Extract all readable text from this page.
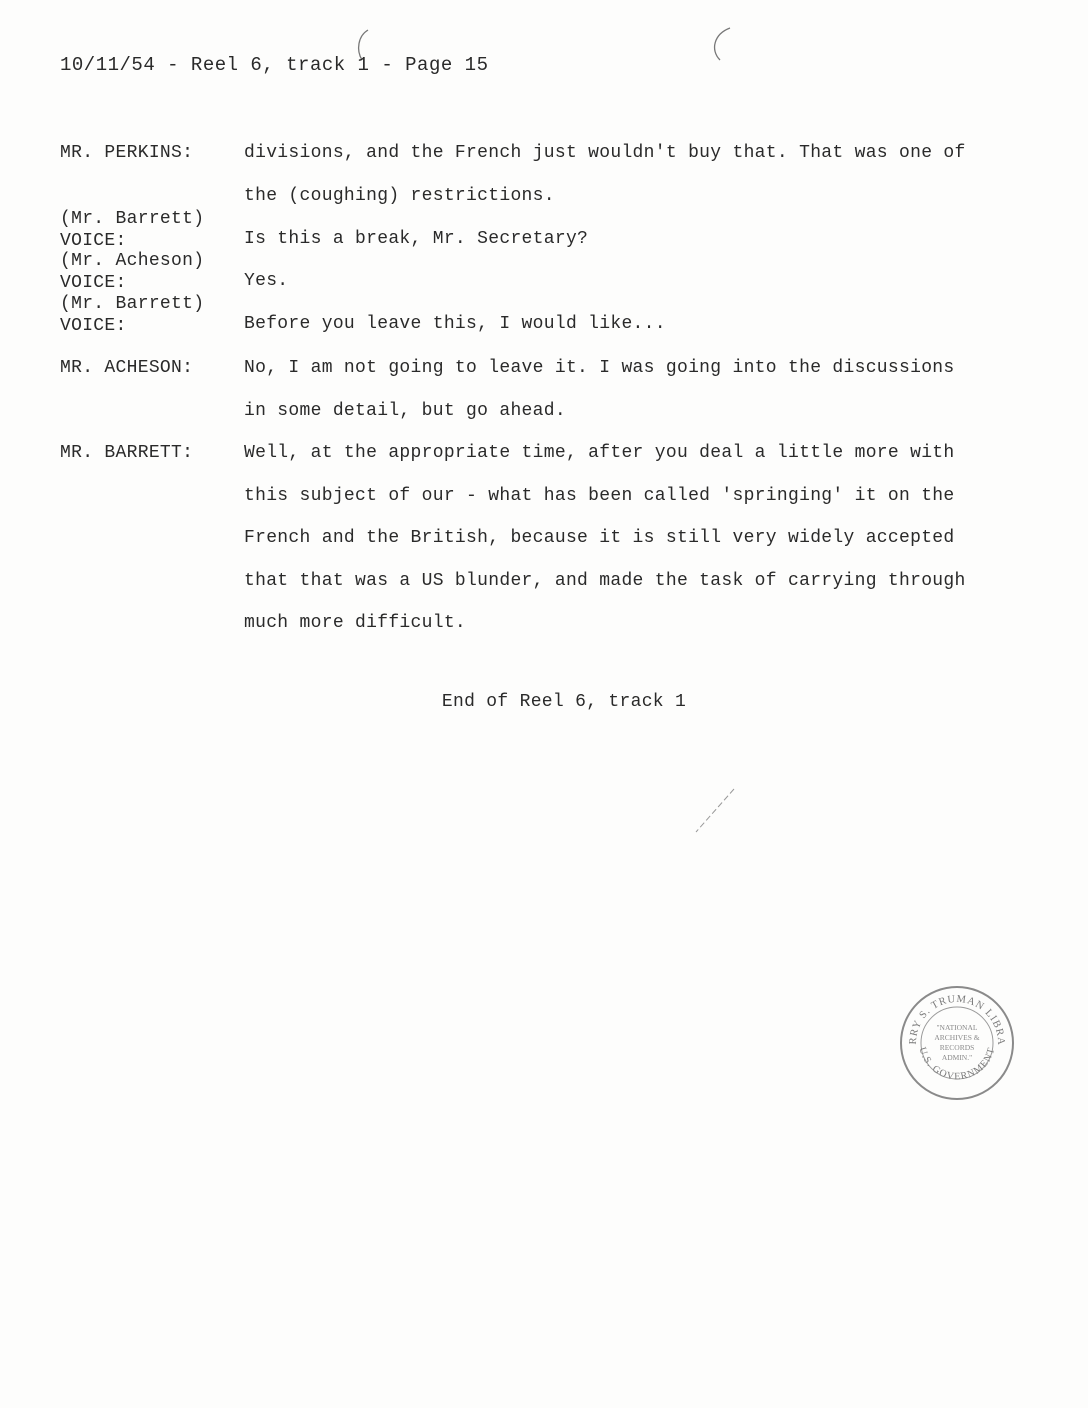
10/11/54 - Reel 6, track 1 - Page 15
MR. PERKINS:	divisions, and the French just wouldn't buy that. That was one of the (coughing) restrictions.
(Mr. Barrett)
VOICE:	Is this a break, Mr. Secretary?
(Mr. Acheson)
VOICE:	Yes.
(Mr. Barrett)
VOICE:	Before you leave this, I would like...
MR. ACHESON:	No, I am not going to leave it. I was going into the discussions in some detail, but go ahead.
MR. BARRETT:	Well, at the appropriate time, after you deal a little more with this subject of our - what has been called 'springing' it on the French and the British, because it is still very widely accepted that that was a US blunder, and made the task of carrying through much more difficult.
End of Reel 6, track 1
RRY S. TRUMAN LIBRA
U.S. GOVERNMENT
"NATIONAL
ARCHIVES &
RECORDS
ADMIN."
